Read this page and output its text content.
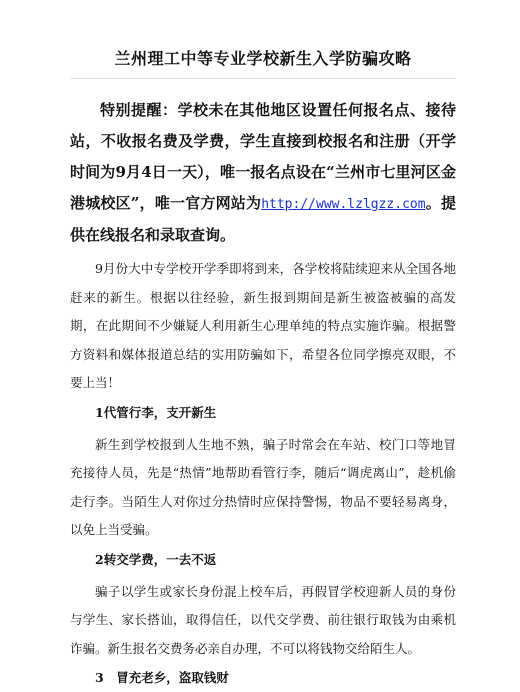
兰州理工中等专业学校新生入学防骗攻略

特别提醒：学校未在其他地区设置任何报名点、接待站，不收报名费及学费，学生直接到校报名和注册（开学时间为9月4日一天），唯一报名点设在“兰州市七里河区金港城校区”，唯一官方网站为http://www.lzlgzz.com。提供在线报名和录取查询。

9月份大中专学校开学季即将到来，各学校将陆续迎来从全国各地赶来的新生。根据以往经验，新生报到期间是新生被盗被骗的高发期，在此期间不少嫌疑人利用新生心理单纯的特点实施诈骗。根据警方资料和媒体报道总结的实用防骗如下，希望各位同学擦亮双眼，不要上当！

1代管行李，支开新生

新生到学校报到人生地不熟，骗子时常会在车站、校门口等地冒充接待人员，先是“热情”地帮助看管行李，随后“调虎离山”，趁机偷走行李。当陌生人对你过分热情时应保持警惕，物品不要轻易离身，以免上当受骗。

2转交学费，一去不返

骗子以学生或家长身份混上校车后，再假冒学校迎新人员的身份与学生、家长搭讪，取得信任，以代交学费、前往银行取钱为由乘机诈骗。新生报名交费务必亲自办理，不可以将钱物交给陌生人。

3　冒充老乡，盗取钱财
